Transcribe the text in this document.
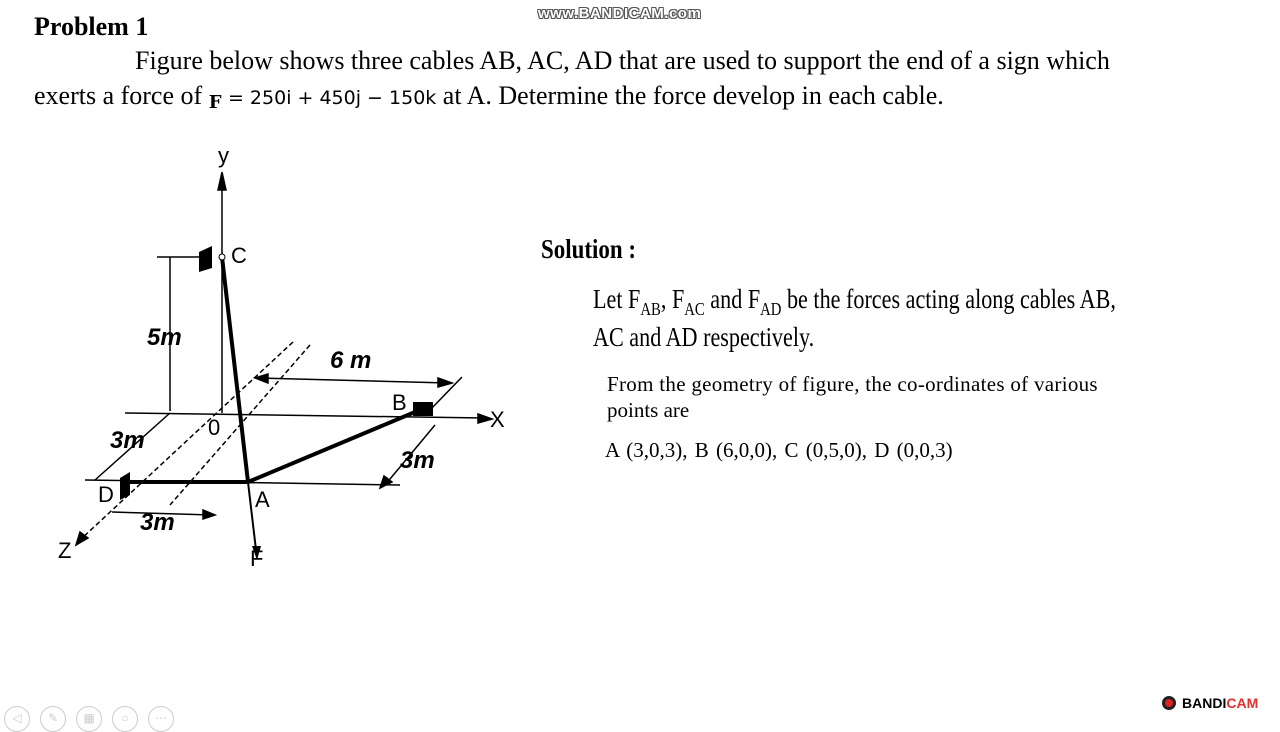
www.BANDICAM.com
Problem 1
Figure below shows three cables AB, AC, AD that are used to support the end of a sign which
exerts a force of F = 250i + 450j − 150k at A. Determine the force develop in each cable.
y
C
5m
6 m
B
X
0
3m
3m
D	A
3m
F
Z
Solution :
Let $F_{AB}$, $F_{AC}$ and $F_{AD}$ be the forces acting along cables AB,
AC and AD respectively.
From the geometry of figure, the co-ordinates of various
points are
A (3,0,3), B (6,0,0), C (0,5,0), D (0,0,3)
◁	✎	▦	○	⋯
BANDICAM
